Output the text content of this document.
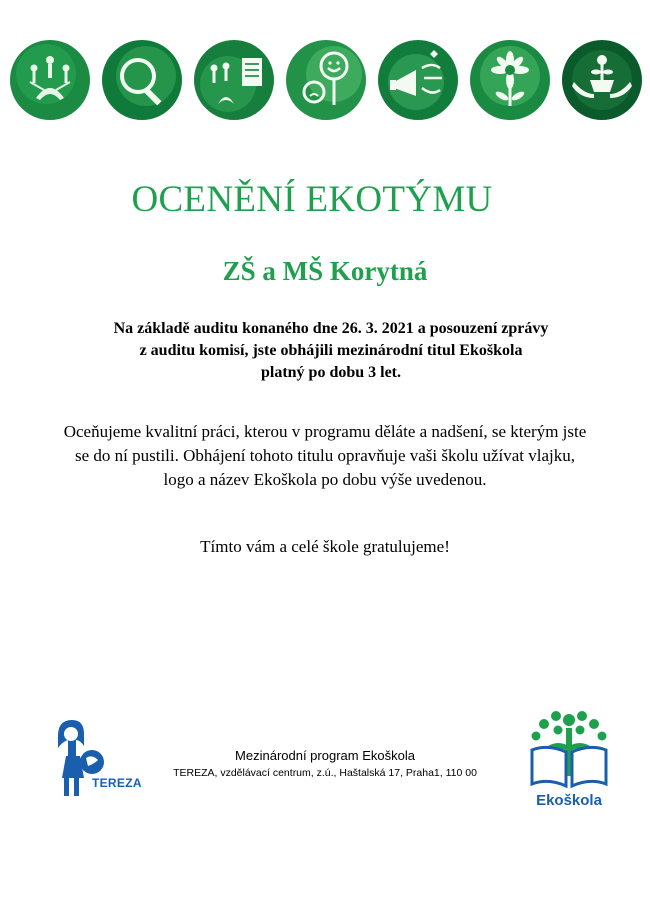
OCENĚNÍ EKOTÝMU
ZŠ a MŠ Korytná

Na základě auditu konaného dne 26. 3. 2021 a posouzení zprávy
z auditu komisí, jste obhájili mezinárodní titul Ekoškola
platný po dobu 3 let.

Oceňujeme kvalitní práci, kterou v programu děláte a nadšení, se kterým jste
se do ní pustili. Obhájení tohoto titulu opravňuje vaši školu užívat vlajku,
logo a název Ekoškola po dobu výše uvedenou.

Tímto vám a celé škole gratulujeme!

TEREZA

Mezinárodní program Ekoškola

TEREZA, vzdělávací centrum, z.ú., Haštalská 17, Praha1, 110 00

Ekoškola
